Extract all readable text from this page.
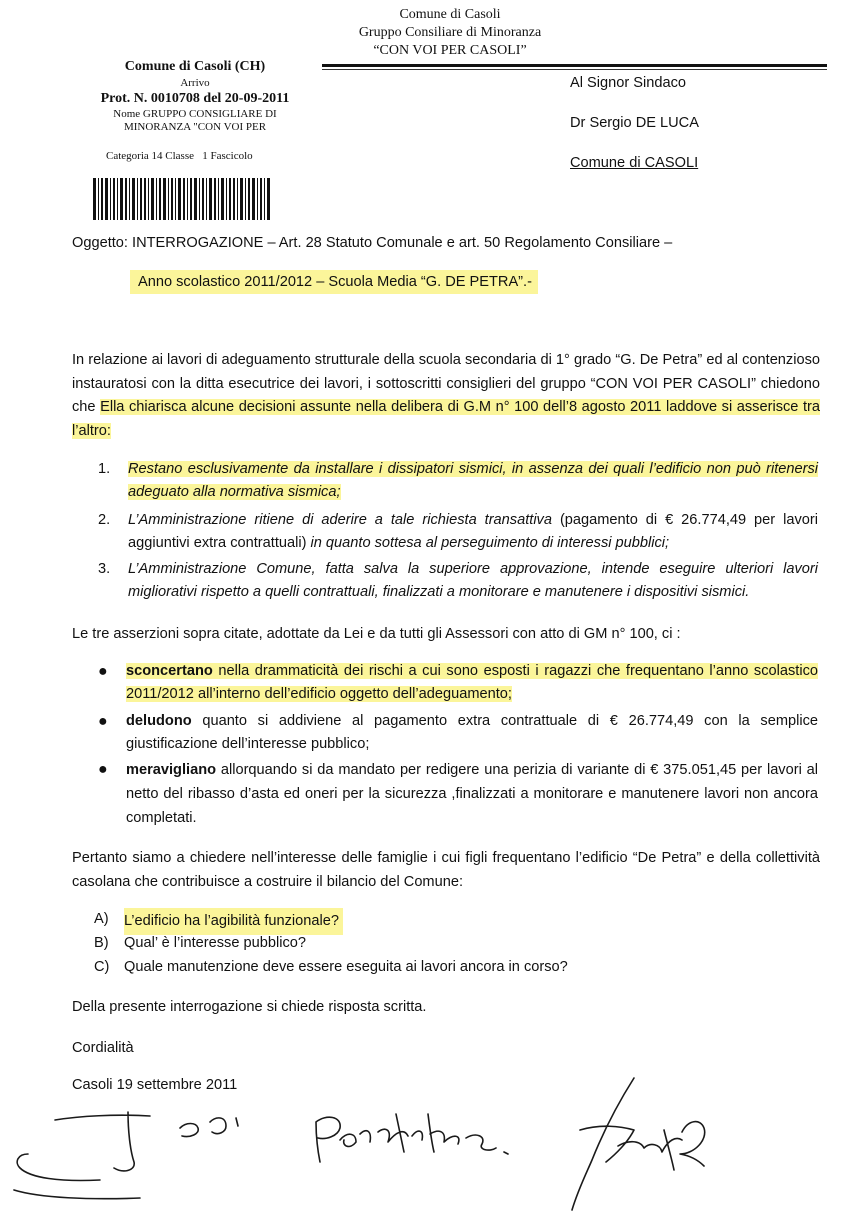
Comune di Casoli
Gruppo Consiliare di Minoranza
“CON VOI PER CASOLI”
Comune di Casoli (CH)
Arrivo
Prot. N. 0010708 del 20-09-2011
Nome GRUPPO CONSIGLIARE DI
MINORANZA "CON VOI PER
Categoria 14 Classe   1 Fascicolo
Al Signor Sindaco
Dr Sergio DE LUCA
Comune di CASOLI
Oggetto: INTERROGAZIONE – Art. 28 Statuto Comunale e art. 50 Regolamento Consiliare –
Anno scolastico 2011/2012 – Scuola Media “G. DE PETRA”.-
In relazione ai lavori di adeguamento strutturale della scuola secondaria di 1° grado “G. De Petra” ed al contenzioso instauratosi con la ditta esecutrice dei lavori, i sottoscritti consiglieri del gruppo “CON VOI PER CASOLI” chiedono che Ella chiarisca alcune decisioni assunte nella delibera di G.M n° 100 dell’8 agosto 2011 laddove si asserisce tra l’altro:
1. Restano esclusivamente da installare i dissipatori sismici, in assenza dei quali l’edificio non può ritenersi adeguato alla normativa sismica;
2. L’Amministrazione ritiene di aderire a tale richiesta transattiva (pagamento di € 26.774,49 per lavori aggiuntivi extra contrattuali) in quanto sottesa al perseguimento di interessi pubblici;
3. L’Amministrazione Comune, fatta salva la superiore approvazione, intende eseguire ulteriori lavori migliorativi rispetto a quelli contrattuali, finalizzati a monitorare e manutenere i dispositivi sismici.
Le tre asserzioni sopra citate, adottate da Lei e da tutti gli Assessori con atto di GM n° 100, ci :
● sconcertano nella drammaticità dei rischi a cui sono esposti i ragazzi che frequentano l’anno scolastico 2011/2012 all’interno dell’edificio oggetto dell’adeguamento;
● deludono quanto si addiviene al pagamento extra contrattuale di € 26.774,49 con la semplice giustificazione dell’interesse pubblico;
● meravigliano allorquando si da mandato per redigere una perizia di variante di € 375.051,45 per lavori al netto del ribasso d’asta ed oneri per la sicurezza ,finalizzati a monitorare e manutenere lavori non ancora completati.
Pertanto siamo a chiedere nell’interesse delle famiglie i cui figli frequentano l’edificio “De Petra” e della collettività casolana che contribuisce a costruire il bilancio del Comune:
A) L’edificio ha l’agibilità funzionale?
B) Qual’ è l’interesse pubblico?
C) Quale manutenzione deve essere eseguita ai lavori ancora in corso?
Della presente interrogazione si chiede risposta scritta.
Cordialità
Casoli 19 settembre 2011
